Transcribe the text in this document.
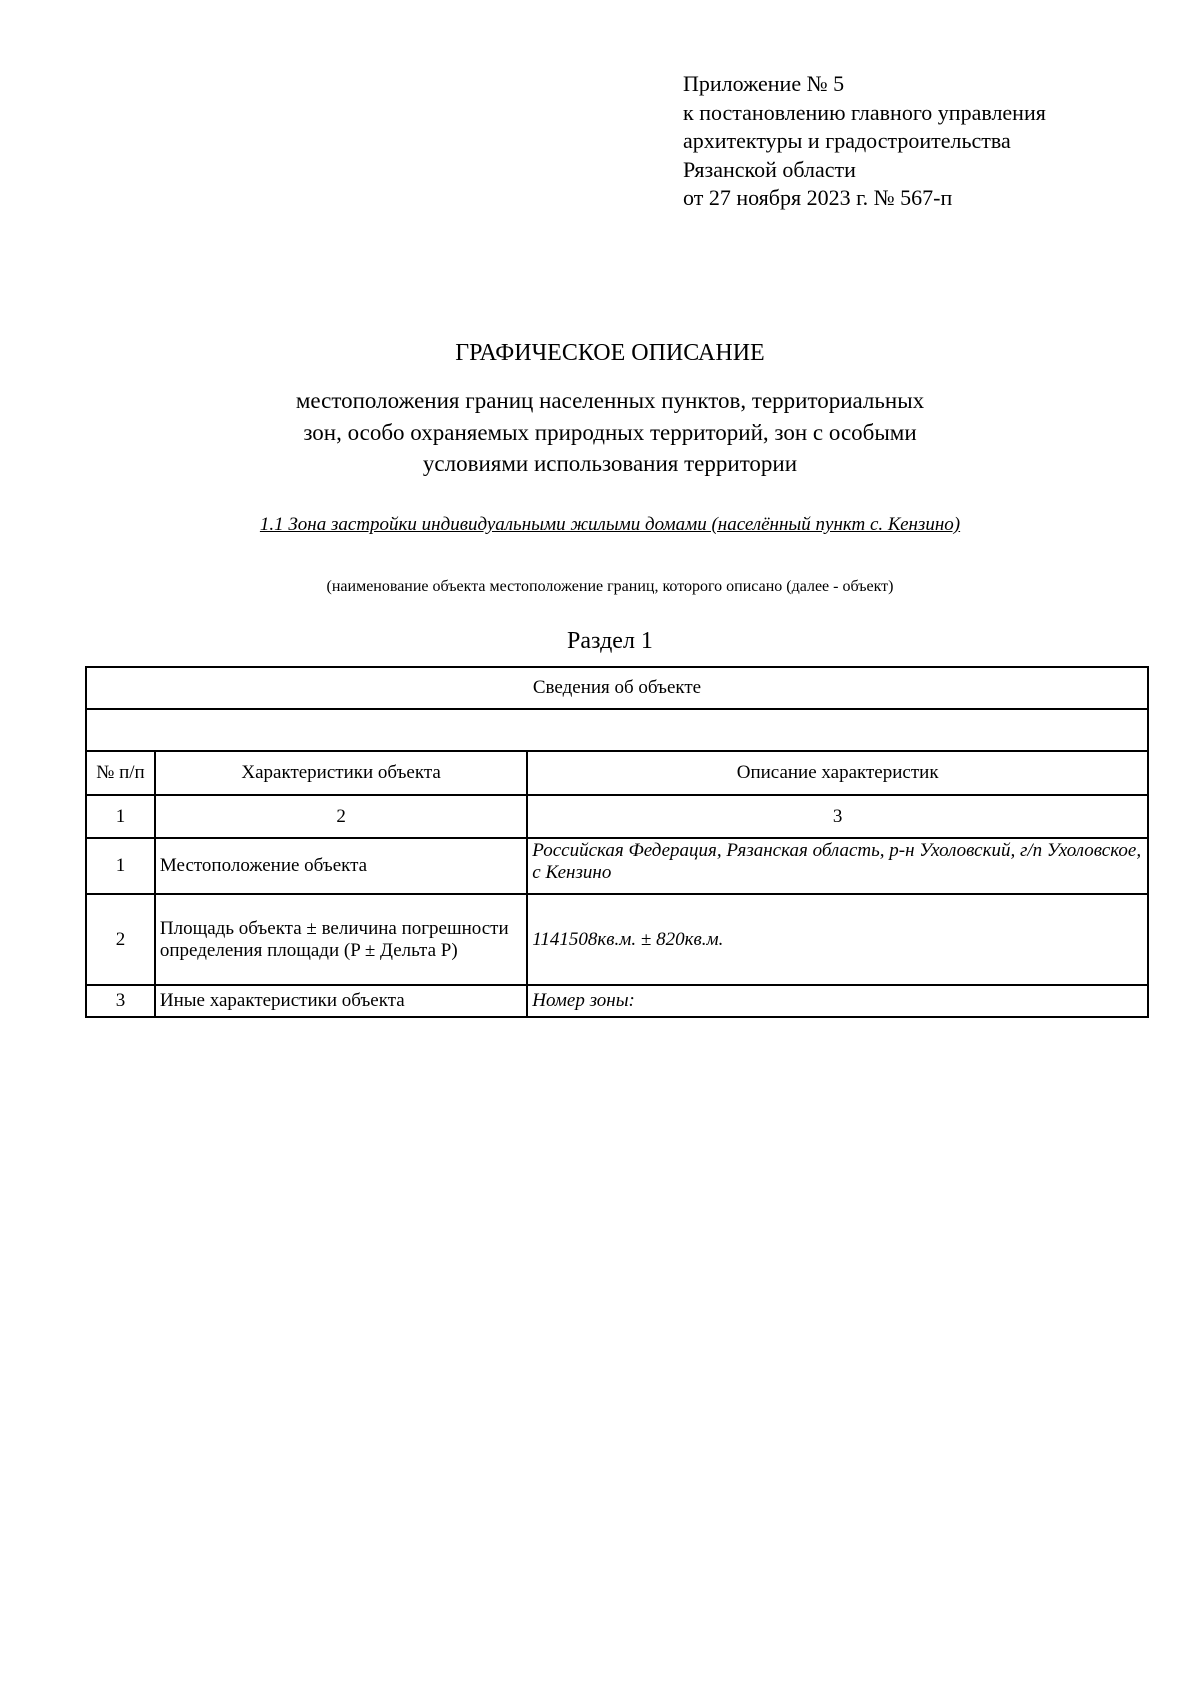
Приложение № 5
к постановлению главного управления
архитектуры и градостроительства
Рязанской области
от 27 ноября 2023 г. № 567-п
ГРАФИЧЕСКОЕ ОПИСАНИЕ
местоположения границ населенных пунктов, территориальных
зон, особо охраняемых природных территорий, зон с особыми
условиями использования территории
1.1 Зона застройки индивидуальными жилыми домами (населённый пункт с. Кензино)
(наименование объекта местоположение границ, которого описано (далее - объект)
Раздел 1
Сведения об объекте		

№ п/п	Характеристики объекта	Описание характеристик
1	2	3
1	Местоположение объекта	Российская Федерация, Рязанская область, р-н Ухоловский, г/п Ухоловское, с Кензино
2	Площадь объекта ± величина погрешности определения площади (P ± Дельта P)	1141508кв.м. ± 820кв.м.
3	Иные характеристики объекта	Номер зоны:
